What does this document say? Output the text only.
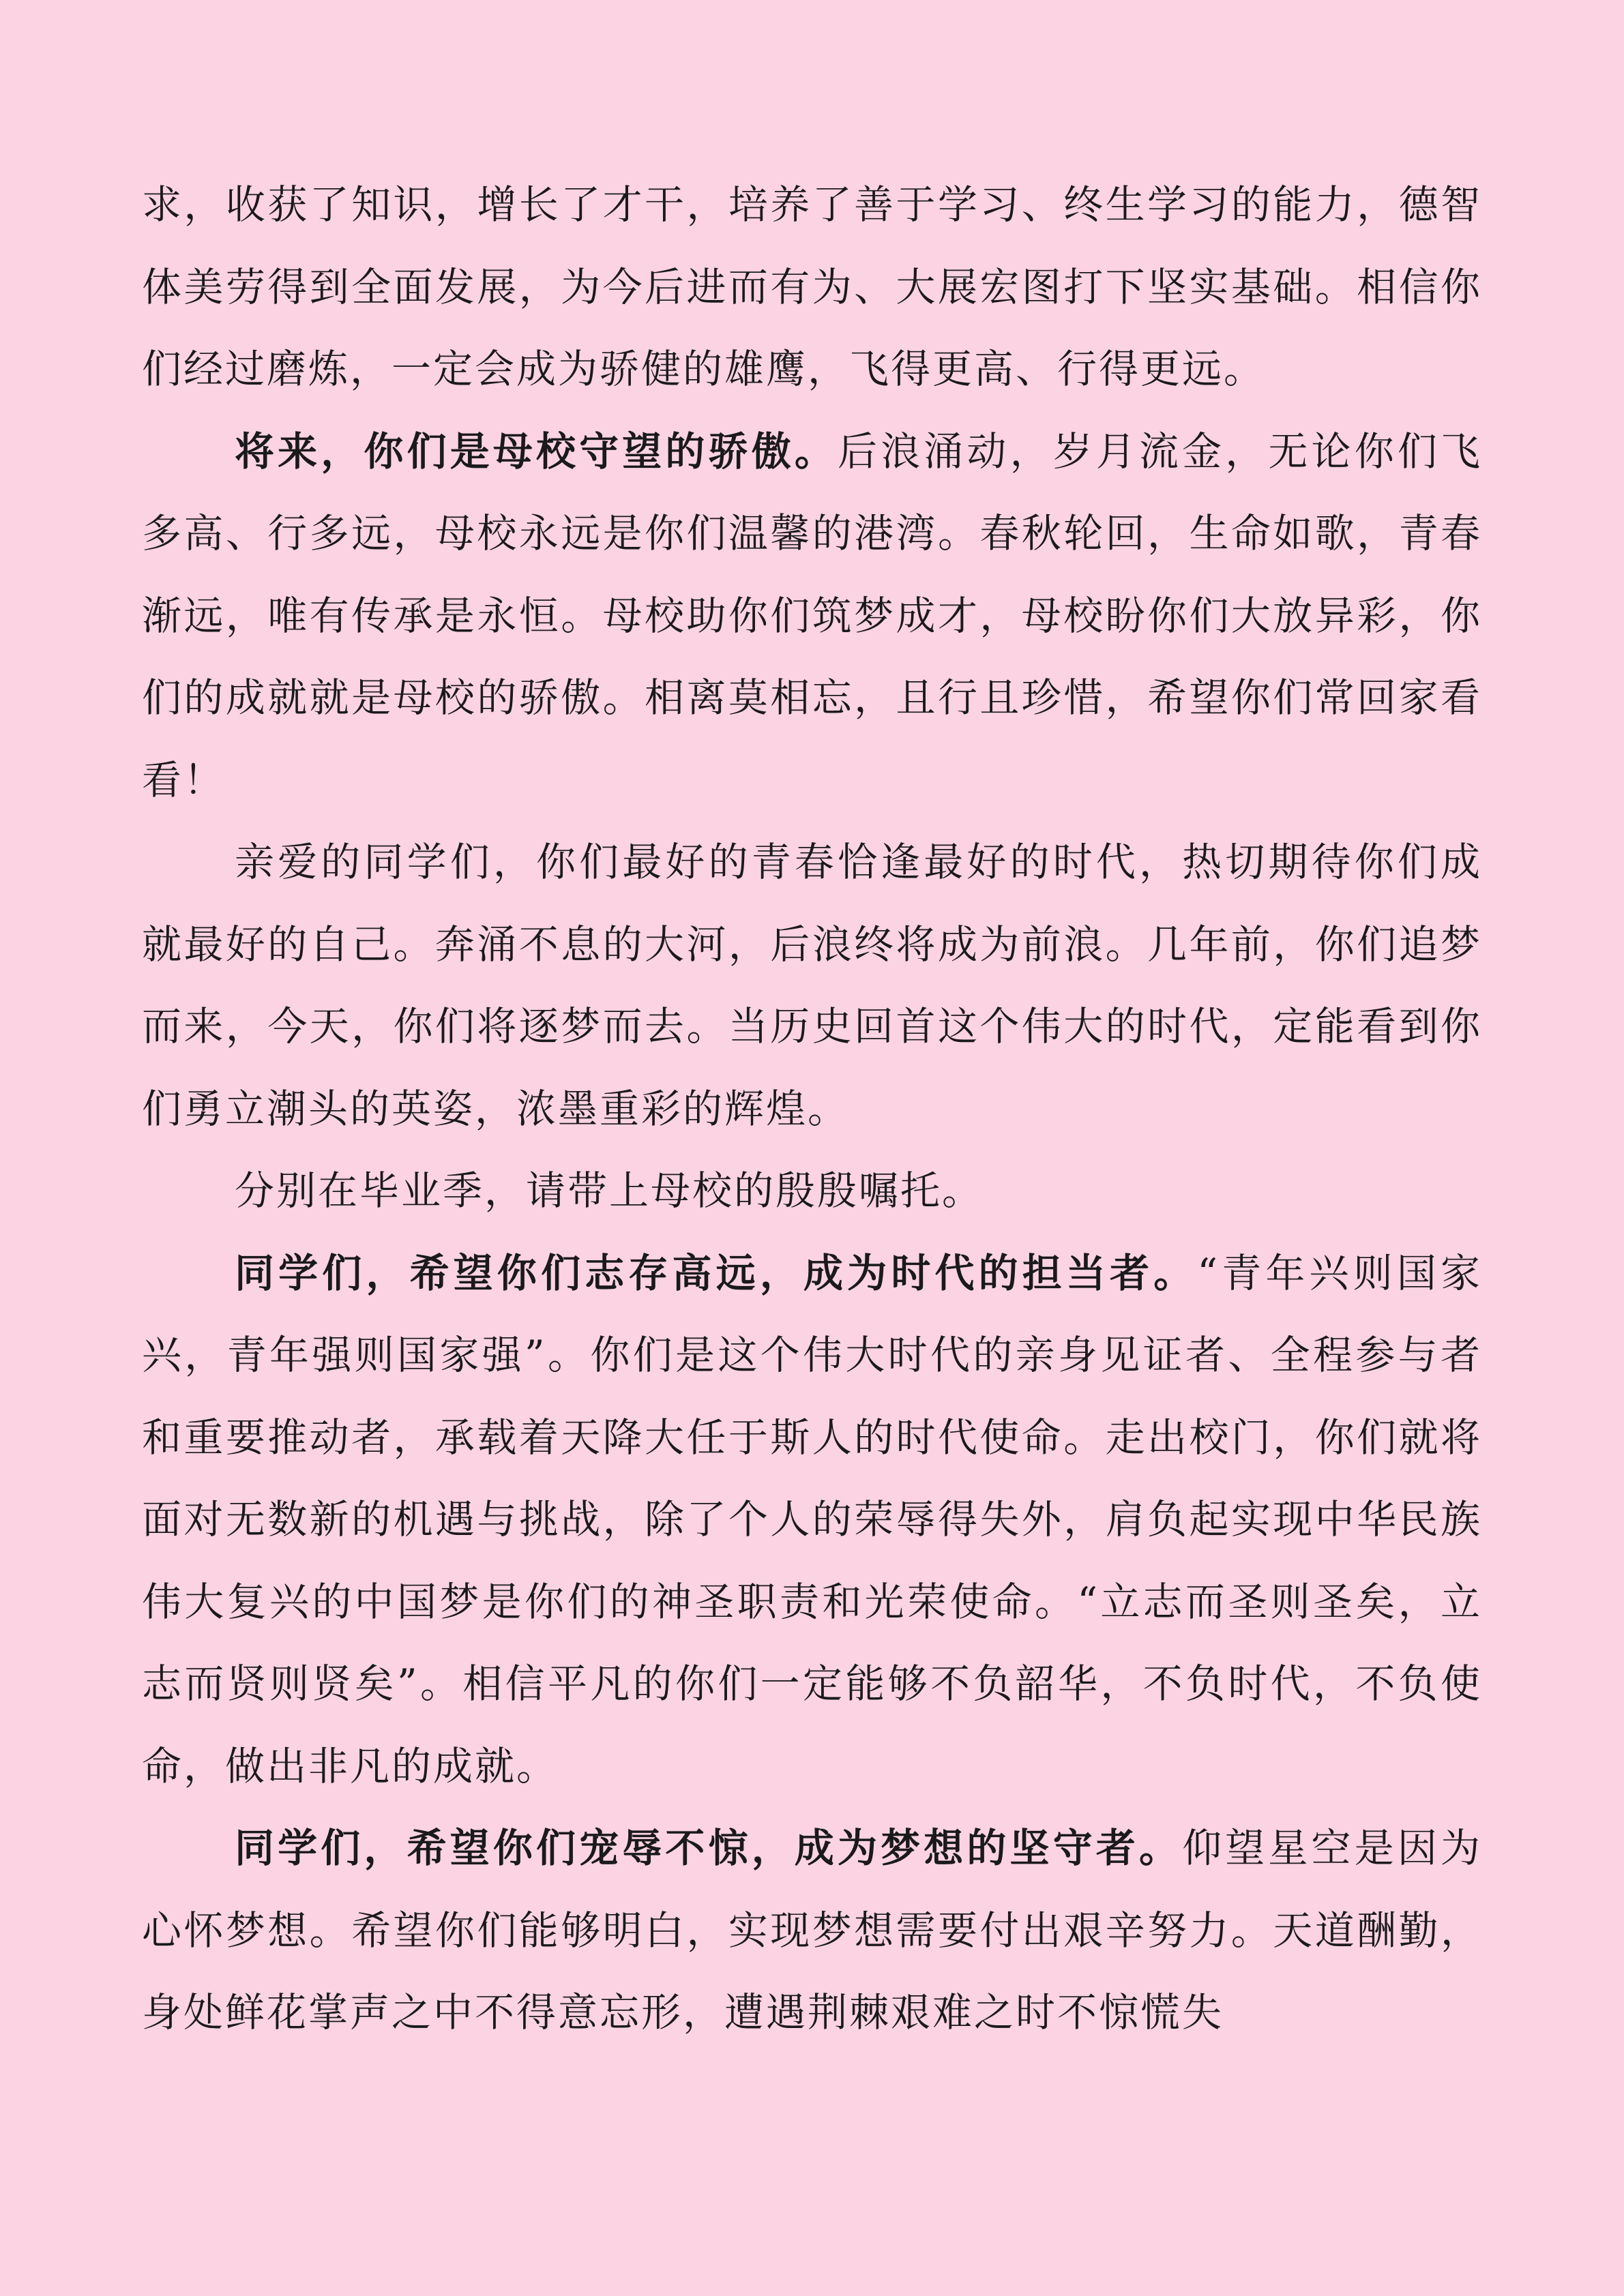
求，收获了知识，增长了才干，培养了善于学习、终生学习的能力，德智体美劳得到全面发展，为今后进而有为、大展宏图打下坚实基础。相信你们经过磨炼，一定会成为骄健的雄鹰，飞得更高、行得更远。

将来，你们是母校守望的骄傲。后浪涌动，岁月流金，无论你们飞多高、行多远，母校永远是你们温馨的港湾。春秋轮回，生命如歌，青春渐远，唯有传承是永恒。母校助你们筑梦成才，母校盼你们大放异彩，你们的成就就是母校的骄傲。相离莫相忘，且行且珍惜，希望你们常回家看看！

亲爱的同学们，你们最好的青春恰逢最好的时代，热切期待你们成就最好的自己。奔涌不息的大河，后浪终将成为前浪。几年前，你们追梦而来，今天，你们将逐梦而去。当历史回首这个伟大的时代，定能看到你们勇立潮头的英姿，浓墨重彩的辉煌。

分别在毕业季，请带上母校的殷殷嘱托。

同学们，希望你们志存高远，成为时代的担当者。“青年兴则国家兴，青年强则国家强”。你们是这个伟大时代的亲身见证者、全程参与者和重要推动者，承载着天降大任于斯人的时代使命。走出校门，你们就将面对无数新的机遇与挑战，除了个人的荣辱得失外，肩负起实现中华民族伟大复兴的中国梦是你们的神圣职责和光荣使命。“立志而圣则圣矣，立志而贤则贤矣”。相信平凡的你们一定能够不负韶华，不负时代，不负使命，做出非凡的成就。

同学们，希望你们宠辱不惊，成为梦想的坚守者。仰望星空是因为心怀梦想。希望你们能够明白，实现梦想需要付出艰辛努力。天道酬勤，身处鲜花掌声之中不得意忘形，遭遇荆棘艰难之时不惊慌失
